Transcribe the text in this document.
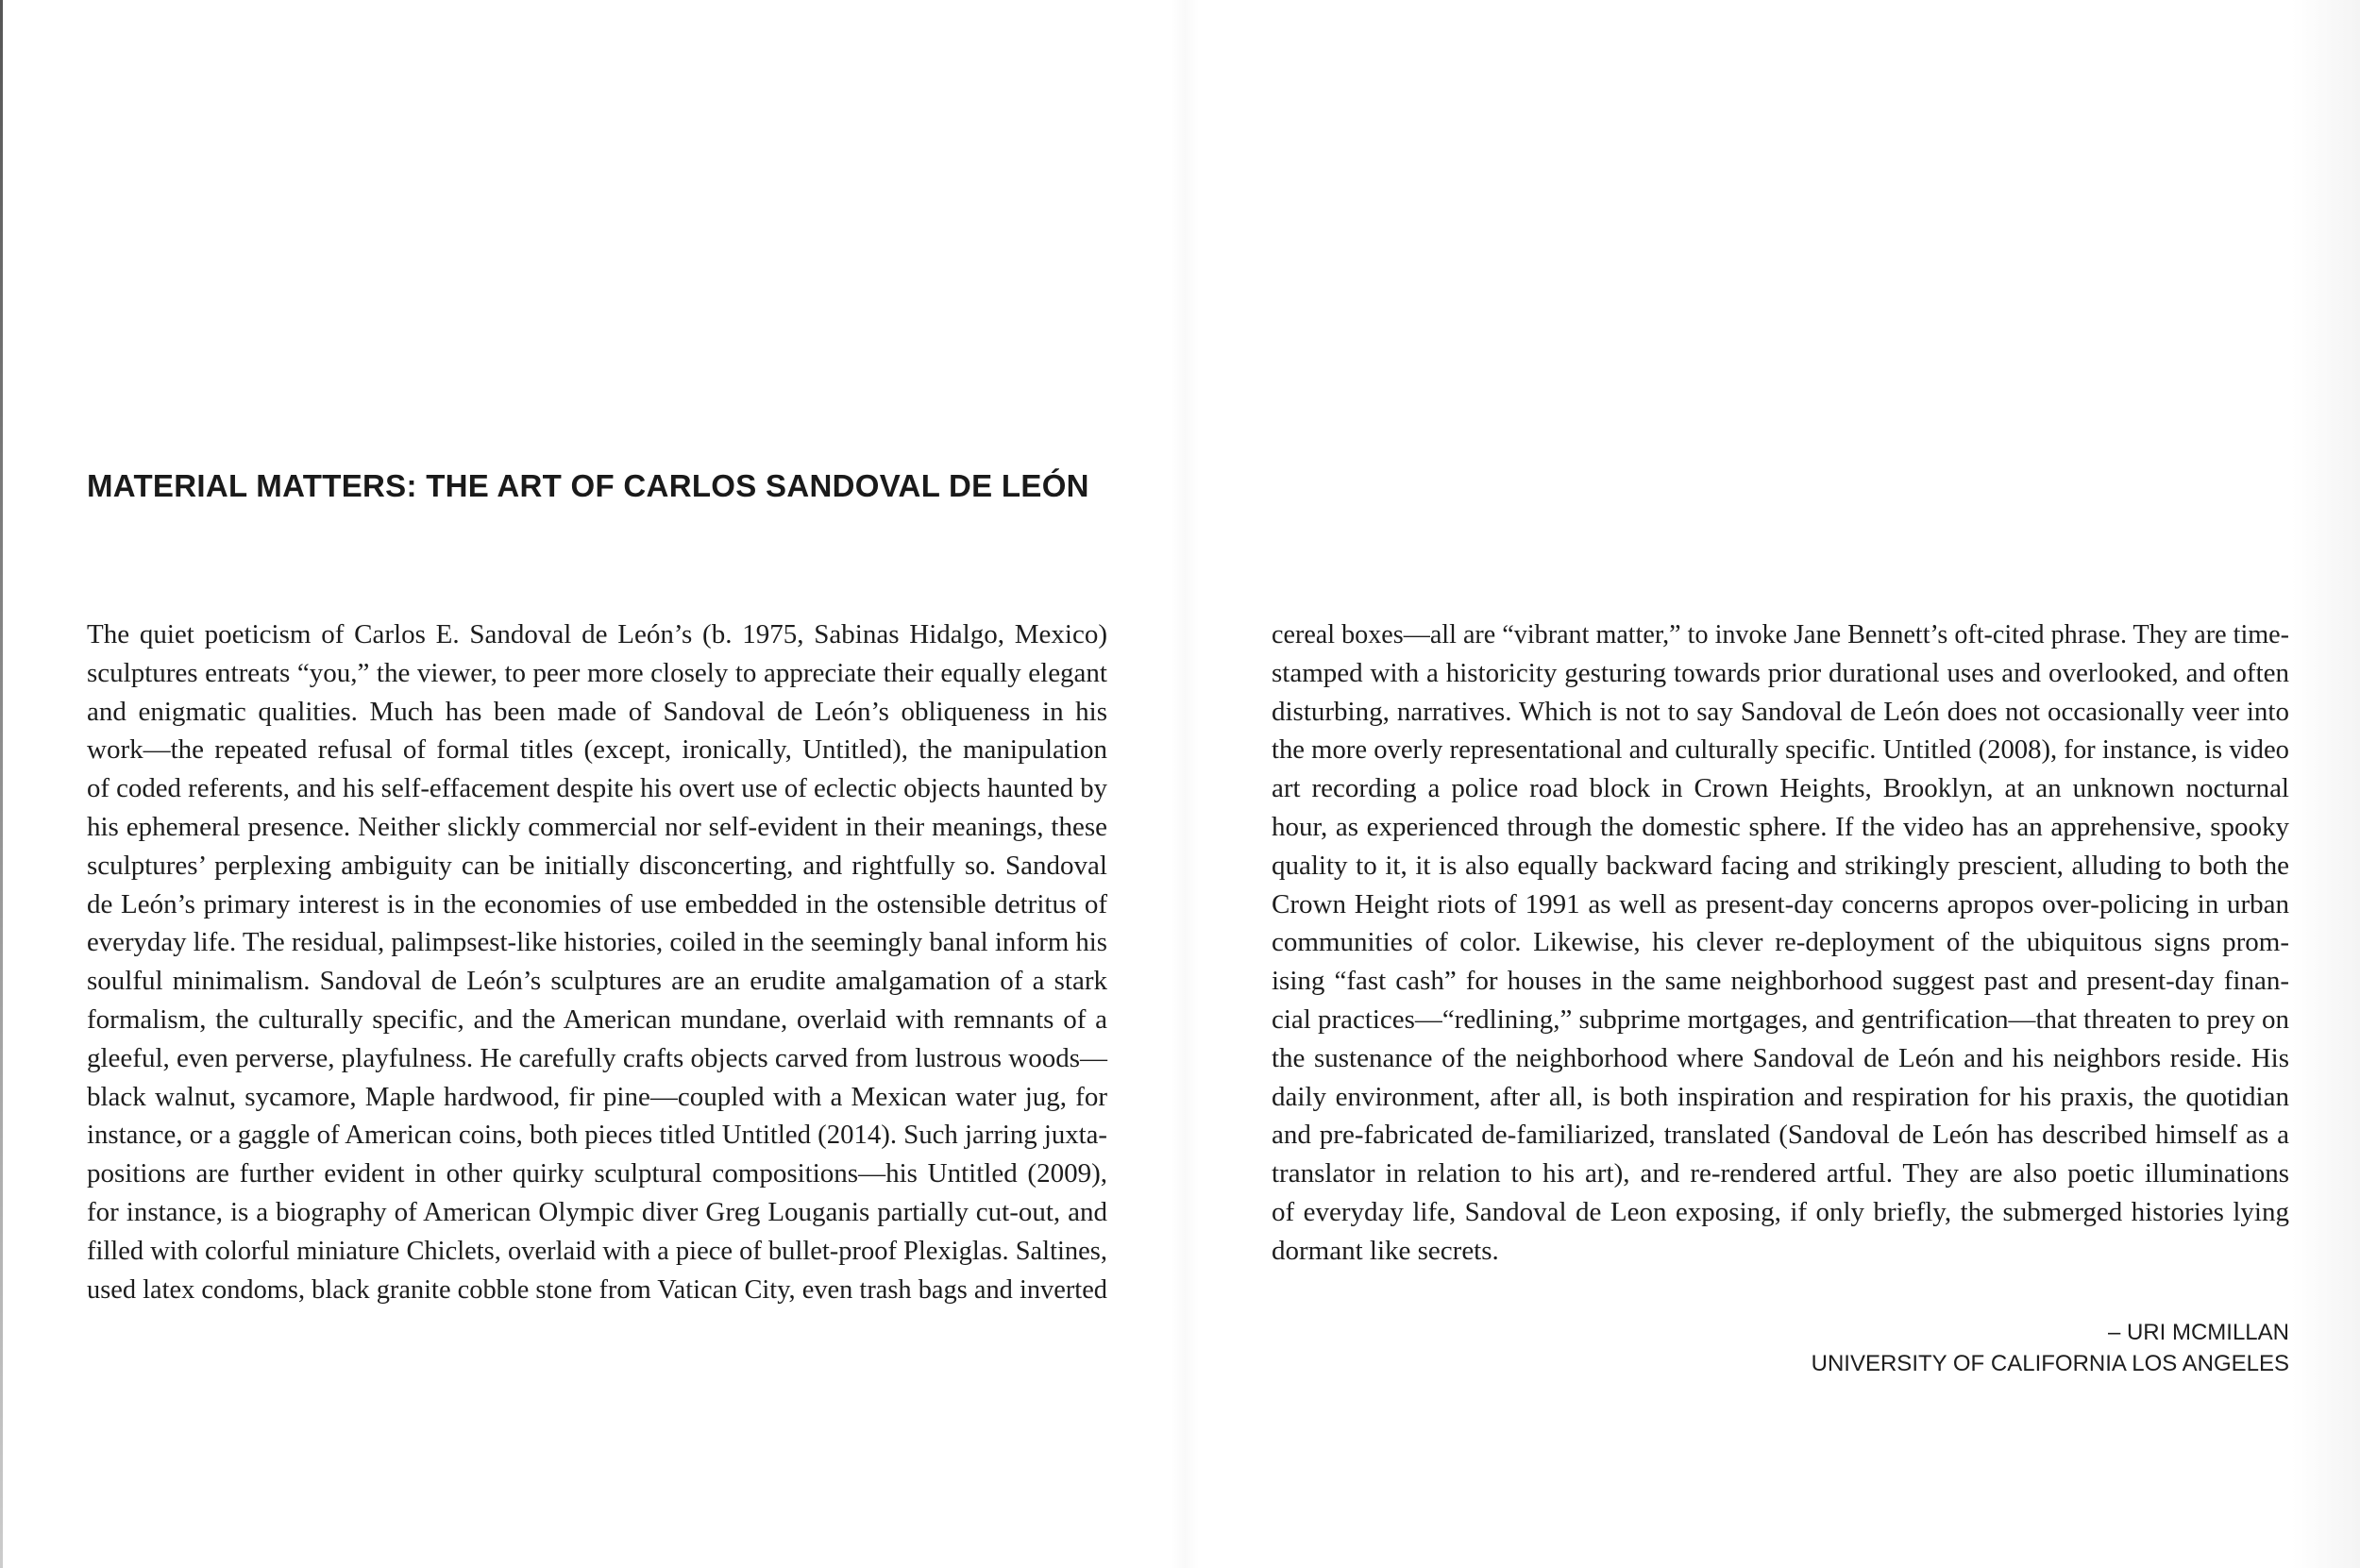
MATERIAL MATTERS: THE ART OF CARLOS SANDOVAL DE LEÓN
The quiet poeticism of Carlos E. Sandoval de León’s (b. 1975, Sabinas Hidalgo, Mexico)
sculptures entreats “you,” the viewer, to peer more closely to appreciate their equally elegant
and enigmatic qualities. Much has been made of Sandoval de León’s obliqueness in his
work—the repeated refusal of formal titles (except, ironically, Untitled), the manipulation
of coded referents, and his self-effacement despite his overt use of eclectic objects haunted by
his ephemeral presence. Neither slickly commercial nor self-evident in their meanings, these
sculptures’ perplexing ambiguity can be initially disconcerting, and rightfully so. Sandoval
de León’s primary interest is in the economies of use embedded in the ostensible detritus of
everyday life. The residual, palimpsest-like histories, coiled in the seemingly banal inform his
soulful minimalism. Sandoval de León’s sculptures are an erudite amalgamation of a stark
formalism, the culturally specific, and the American mundane, overlaid with remnants of a
gleeful, even perverse, playfulness. He carefully crafts objects carved from lustrous woods—
black walnut, sycamore, Maple hardwood, fir pine—coupled with a Mexican water jug, for
instance, or a gaggle of American coins, both pieces titled Untitled (2014). Such jarring juxta-
positions are further evident in other quirky sculptural compositions—his Untitled (2009),
for instance, is a biography of American Olympic diver Greg Louganis partially cut-out, and
filled with colorful miniature Chiclets, overlaid with a piece of bullet-proof Plexiglas. Saltines,
used latex condoms, black granite cobble stone from Vatican City, even trash bags and inverted
cereal boxes—all are “vibrant matter,” to invoke Jane Bennett’s oft-cited phrase. They are time-
stamped with a historicity gesturing towards prior durational uses and overlooked, and often
disturbing, narratives. Which is not to say Sandoval de León does not occasionally veer into
the more overly representational and culturally specific. Untitled (2008), for instance, is video
art recording a police road block in Crown Heights, Brooklyn, at an unknown nocturnal
hour, as experienced through the domestic sphere. If the video has an apprehensive, spooky
quality to it, it is also equally backward facing and strikingly prescient, alluding to both the
Crown Height riots of 1991 as well as present-day concerns apropos over-policing in urban
communities of color. Likewise, his clever re-deployment of the ubiquitous signs prom-
ising “fast cash” for houses in the same neighborhood suggest past and present-day finan-
cial practices—“redlining,” subprime mortgages, and gentrification—that threaten to prey on
the sustenance of the neighborhood where Sandoval de León and his neighbors reside. His
daily environment, after all, is both inspiration and respiration for his praxis, the quotidian
and pre-fabricated de-familiarized, translated (Sandoval de León has described himself as a
translator in relation to his art), and re-rendered artful. They are also poetic illuminations
of everyday life, Sandoval de Leon exposing, if only briefly, the submerged histories lying
dormant like secrets.
– URI MCMILLAN
UNIVERSITY OF CALIFORNIA LOS ANGELES
